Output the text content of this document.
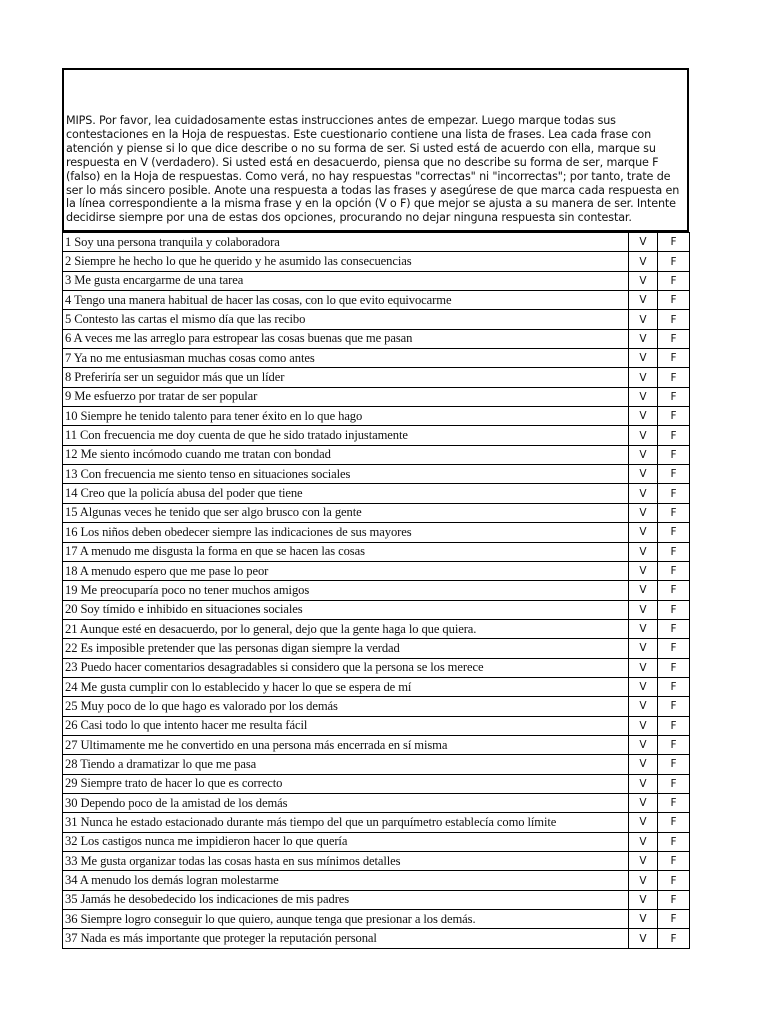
MIPS. Por favor, lea cuidadosamente estas instrucciones antes de empezar. Luego marque todas sus contestaciones en la Hoja de respuestas. Este cuestionario contiene una lista de frases. Lea cada frase con atención y piense si lo que dice describe o no su forma de ser. Si usted está de acuerdo con ella, marque su respuesta en V (verdadero). Si usted está en desacuerdo, piensa que no describe su forma de ser, marque F (falso) en la Hoja de respuestas. Como verá, no hay respuestas "correctas" ni "incorrectas"; por tanto, trate de ser lo más sincero posible. Anote una respuesta a todas las frases y asegúrese de que marca cada respuesta en la línea correspondiente a la misma frase y en la opción (V o F) que mejor se ajusta a su manera de ser. Intente decidirse siempre por una de estas dos opciones, procurando no dejar ninguna respuesta sin contestar.
1 Soy una persona tranquila y colaboradora	V	F
2 Siempre he hecho lo que he querido y he asumido las consecuencias	V	F
3 Me gusta encargarme de una tarea	V	F
4 Tengo una manera habitual de hacer las cosas, con lo que evito equivocarme	V	F
5 Contesto las cartas el mismo día que las recibo	V	F
6 A veces me las arreglo para estropear las cosas buenas que me pasan	V	F
7 Ya no me entusiasman muchas cosas como antes	V	F
8 Preferiría ser un seguidor más que un líder	V	F
9 Me esfuerzo por tratar de ser popular	V	F
10 Siempre he tenido talento para tener éxito en lo que hago	V	F
11 Con frecuencia me doy cuenta de que he sido tratado injustamente	V	F
12 Me siento incómodo cuando me tratan con bondad	V	F
13 Con frecuencia me siento tenso en situaciones sociales	V	F
14 Creo que la policía abusa del poder que tiene	V	F
15 Algunas veces he tenido que ser algo brusco con la gente	V	F
16 Los niños deben obedecer siempre las indicaciones de sus mayores	V	F
17 A menudo me disgusta la forma en que se hacen las cosas	V	F
18 A menudo espero que me pase lo peor	V	F
19 Me preocuparía poco no tener muchos amigos	V	F
20 Soy tímido e inhibido en situaciones sociales	V	F
21 Aunque esté en desacuerdo, por lo general, dejo que la gente haga lo que quiera.	V	F
22 Es imposible pretender que las personas digan siempre la verdad	V	F
23 Puedo hacer comentarios desagradables si considero que la persona se los merece	V	F
24 Me gusta cumplir con lo establecido y hacer lo que se espera de mí	V	F
25 Muy poco de lo que hago es valorado por los demás	V	F
26 Casi todo lo que intento hacer me resulta fácil	V	F
27 Ultimamente me he convertido en una persona más encerrada en sí misma	V	F
28 Tiendo a dramatizar lo que me pasa	V	F
29 Siempre trato de hacer lo que es correcto	V	F
30 Dependo poco de la amistad de los demás	V	F
31 Nunca he estado estacionado durante más tiempo del que un parquímetro establecía como límite	V	F
32 Los castigos nunca me impidieron hacer lo que quería	V	F
33 Me gusta organizar todas las cosas hasta en sus mínimos detalles	V	F
34 A menudo los demás logran molestarme	V	F
35 Jamás he desobedecido los indicaciones de mis padres	V	F
36 Siempre logro conseguir lo que quiero, aunque tenga que presionar a los demás.	V	F
37 Nada es más importante que proteger la reputación personal	V	F
